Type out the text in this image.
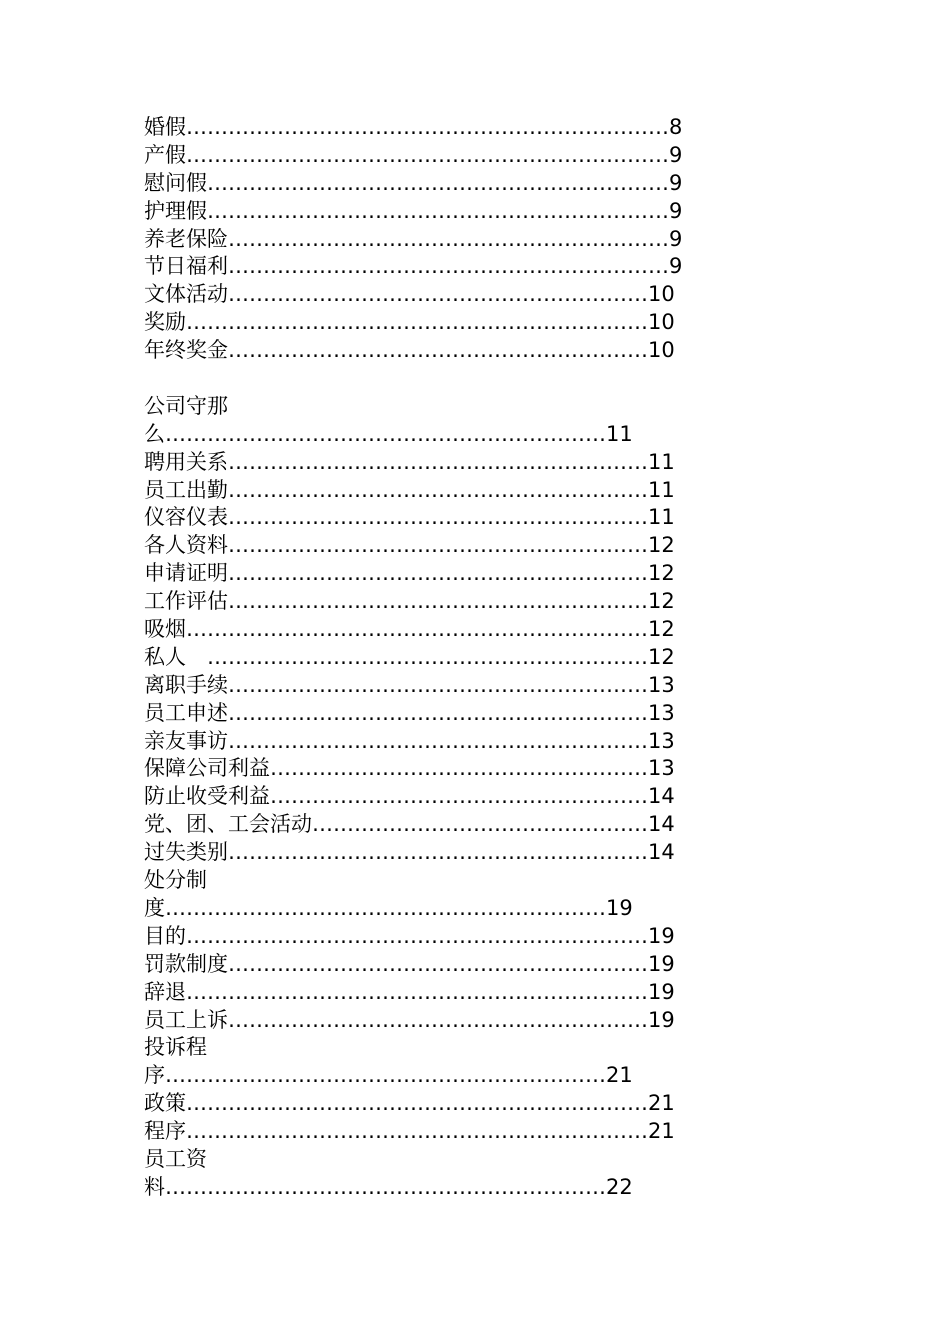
婚假……………………………………………………………8
产假……………………………………………………………9
慰问假…………………………………………………………9
护理假…………………………………………………………9
养老保险………………………………………………………9
节日福利………………………………………………………9
文体活动……………………………………………………10
奖励…………………………………………………………10
年终奖金……………………………………………………10
公司守那
么………………………………………………………11
聘用关系……………………………………………………11
员工出勤……………………………………………………11
仪容仪表……………………………………………………11
各人资料……………………………………………………12
申请证明……………………………………………………12
工作评估……………………………………………………12
吸烟…………………………………………………………12
私人　………………………………………………………12
离职手续……………………………………………………13
员工申述……………………………………………………13
亲友事访……………………………………………………13
保障公司利益………………………………………………13
防止收受利益………………………………………………14
党、团、工会活动…………………………………………14
过失类别……………………………………………………14
处分制
度………………………………………………………19
目的…………………………………………………………19
罚款制度……………………………………………………19
辞退…………………………………………………………19
员工上诉……………………………………………………19
投诉程
序………………………………………………………21
政策…………………………………………………………21
程序…………………………………………………………21
员工资
料………………………………………………………22
